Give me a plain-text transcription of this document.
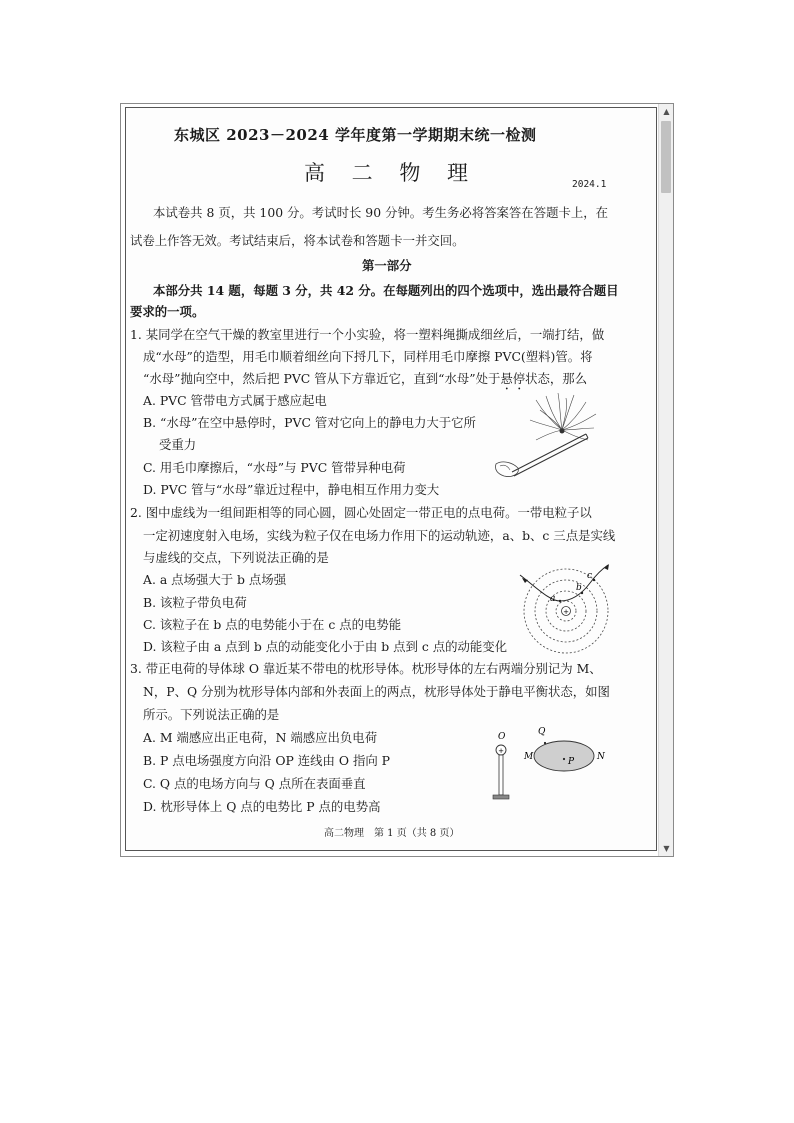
东城区 2023－2024 学年度第一学期期末统一检测
高 二 物 理	2024.1
本试卷共 8 页，共 100 分。考试时长 90 分钟。考生务必将答案答在答题卡上，在
试卷上作答无效。考试结束后，将本试卷和答题卡一并交回。
第一部分
本部分共 14 题，每题 3 分，共 42 分。在每题列出的四个选项中，选出最符合题目
要求的一项。
1. 某同学在空气干燥的教室里进行一个小实验，将一塑料绳撕成细丝后，一端打结，做
成“水母”的造型，用毛巾顺着细丝向下捋几下，同样用毛巾摩擦 PVC(塑料)管。将
“水母”抛向空中，然后把 PVC 管从下方靠近它，直到“水母”处于悬停状态，那么
A. PVC 管带电方式属于感应起电
B. “水母”在空中悬停时，PVC 管对它向上的静电力大于它所
受重力
C. 用毛巾摩擦后，“水母”与 PVC 管带异种电荷
D. PVC 管与“水母”靠近过程中，静电相互作用力变大
2. 图中虚线为一组间距相等的同心圆，圆心处固定一带正电的点电荷。一带电粒子以
一定初速度射入电场，实线为粒子仅在电场力作用下的运动轨迹，a、b、c 三点是实线
与虚线的交点，下列说法正确的是
A. a 点场强大于 b 点场强
B. 该粒子带负电荷
C. 该粒子在 b 点的电势能小于在 c 点的电势能
D. 该粒子由 a 点到 b 点的动能变化小于由 b 点到 c 点的动能变化
+
a
b
c
3. 带正电荷的导体球 O 靠近某不带电的枕形导体。枕形导体的左右两端分别记为 M、
N，P、Q 分别为枕形导体内部和外表面上的两点，枕形导体处于静电平衡状态，如图
所示。下列说法正确的是
A. M 端感应出正电荷，N 端感应出负电荷
B. P 点电场强度方向沿 OP 连线由 O 指向 P
C. Q 点的电场方向与 Q 点所在表面垂直
D. 枕形导体上 Q 点的电势比 P 点的电势高
O
+
Q
M	N
P
高二物理　第 1 页（共 8 页）
▲
▼
